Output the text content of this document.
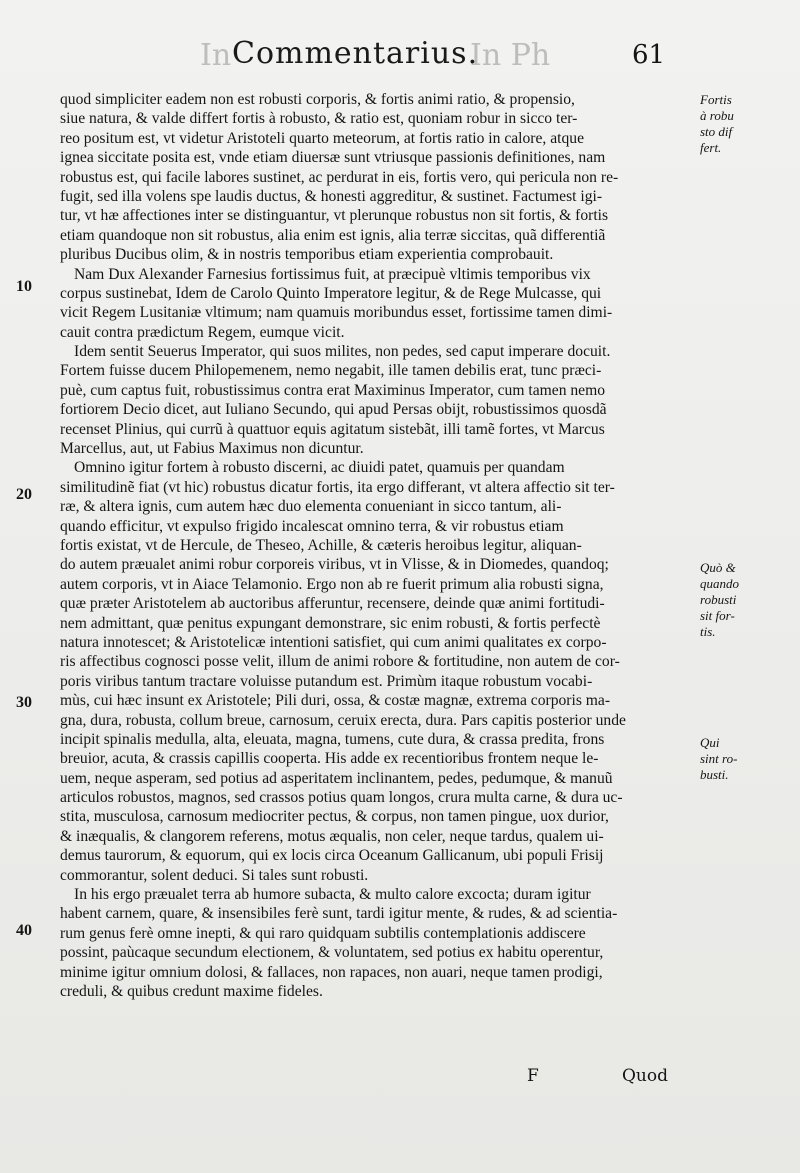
In	In Ph
Commentarius.	61
Fortis
à robu
sto dif
fert.
Quò &
quando
robusti
sit for-
tis.
Qui
sint ro-
busti.
10
20
30
40
quod simpliciter eadem non est robusti corporis, & fortis animi ratio, & propensio,
siue natura, & valde differt fortis à robusto, & ratio est, quoniam robur in sicco ter-
reo positum est, vt videtur Aristoteli quarto meteorum, at fortis ratio in calore, atque
ignea siccitate posita est, vnde etiam diuersæ sunt vtriusque passionis definitiones, nam
robustus est, qui facile labores sustinet, ac perdurat in eis, fortis vero, qui pericula non re-
fugit, sed illa volens spe laudis ductus, & honesti aggreditur, & sustinet. Factumest igi-
tur, vt hæ affectiones inter se distinguantur, vt plerunque robustus non sit fortis, & fortis
etiam quandoque non sit robustus, alia enim est ignis, alia terræ siccitas, quã differentiã
pluribus Ducibus olim, & in nostris temporibus etiam experientia comprobauit.
Nam Dux Alexander Farnesius fortissimus fuit, at præcipuè vltimis temporibus vix
corpus sustinebat, Idem de Carolo Quinto Imperatore legitur, & de Rege Mulcasse, qui
vicit Regem Lusitaniæ vltimum; nam quamuis moribundus esset, fortissime tamen dimi-
cauit contra prædictum Regem, eumque vicit.
Idem sentit Seuerus Imperator, qui suos milites, non pedes, sed caput imperare docuit.
Fortem fuisse ducem Philopemenem, nemo negabit, ille tamen debilis erat, tunc præci-
puè, cum captus fuit, robustissimus contra erat Maximinus Imperator, cum tamen nemo
fortiorem Decio dicet, aut Iuliano Secundo, qui apud Persas obijt, robustissimos quosdã
recenset Plinius, qui currũ à quattuor equis agitatum sistebãt, illi tamẽ fortes, vt Marcus
Marcellus, aut, ut Fabius Maximus non dicuntur.
Omnino igitur fortem à robusto discerni, ac diuidi patet, quamuis per quandam
similitudinẽ fiat (vt hic) robustus dicatur fortis, ita ergo differant, vt altera affectio sit ter-
ræ, & altera ignis, cum autem hæc duo elementa conueniant in sicco tantum, ali-
quando efficitur, vt expulso frigido incalescat omnino terra, & vir robustus etiam
fortis existat, vt de Hercule, de Theseo, Achille, & cæteris heroibus legitur, aliquan-
do autem præualet animi robur corporeis viribus, vt in Vlisse, & in Diomedes, quandoq;
autem corporis, vt in Aiace Telamonio. Ergo non ab re fuerit primum alia robusti signa,
quæ præter Aristotelem ab auctoribus afferuntur, recensere, deinde quæ animi fortitudi-
nem admittant, quæ penitus expungant demonstrare, sic enim robusti, & fortis perfectè
natura innotescet; & Aristotelicæ intentioni satisfiet, qui cum animi qualitates ex corpo-
ris affectibus cognosci posse velit, illum de animi robore & fortitudine, non autem de cor-
poris viribus tantum tractare voluisse putandum est. Primùm itaque robustum vocabi-
mùs, cui hæc insunt ex Aristotele; Pili duri, ossa, & costæ magnæ, extrema corporis ma-
gna, dura, robusta, collum breue, carnosum, ceruix erecta, dura. Pars capitis posterior unde
incipit spinalis medulla, alta, eleuata, magna, tumens, cute dura, & crassa predita, frons
breuior, acuta, & crassis capillis cooperta. His adde ex recentioribus frontem neque le-
uem, neque asperam, sed potius ad asperitatem inclinantem, pedes, pedumque, & manuũ
articulos robustos, magnos, sed crassos potius quam longos, crura multa carne, & dura uc-
stita, musculosa, carnosum mediocriter pectus, & corpus, non tamen pingue, uox durior,
& inæqualis, & clangorem referens, motus æqualis, non celer, neque tardus, qualem ui-
demus taurorum, & equorum, qui ex locis circa Oceanum Gallicanum, ubi populi Frisij
commorantur, solent deduci. Si tales sunt robusti.
In his ergo præualet terra ab humore subacta, & multo calore excocta; duram igitur
habent carnem, quare, & insensibiles ferè sunt, tardi igitur mente, & rudes, & ad scientia-
rum genus ferè omne inepti, & qui raro quidquam subtilis contemplationis addiscere
possint, paùcaque secundum electionem, & voluntatem, sed potius ex habitu operentur,
minime igitur omnium dolosi, & fallaces, non rapaces, non auari, neque tamen prodigi,
creduli, & quibus credunt maxime fideles.
F	Quod
